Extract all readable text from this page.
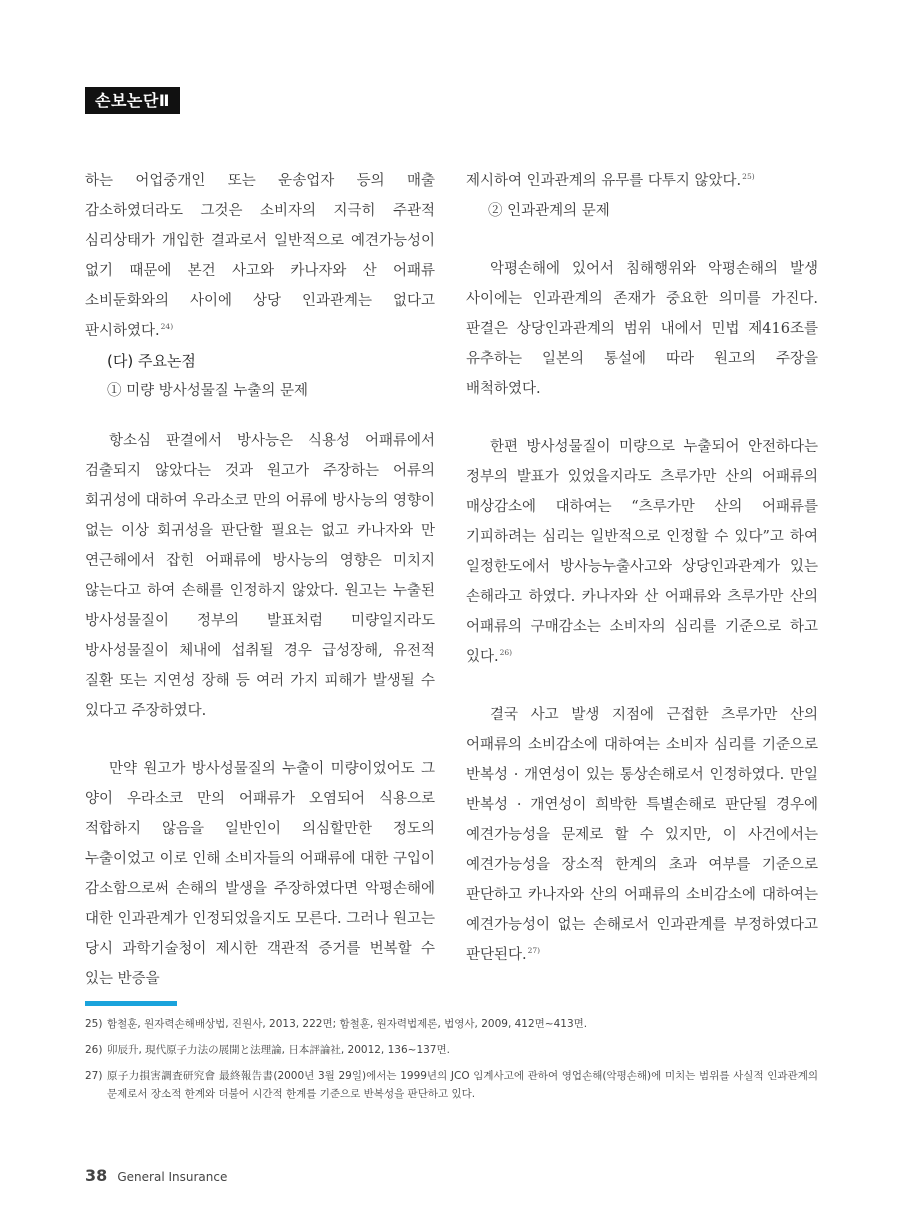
손보논단Ⅱ

하는 어업중개인 또는 운송업자 등의 매출 감소하였더라도 그것은 소비자의 지극히 주관적 심리상태가 개입한 결과로서 일반적으로 예견가능성이 없기 때문에 본건 사고와 카나자와 산 어패류 소비둔화와의 사이에 상당 인과관계는 없다고 판시하였다.$^{24)}$

(다) 주요논점

① 미량 방사성물질 누출의 문제

항소심 판결에서 방사능은 식용성 어패류에서 검출되지 않았다는 것과 원고가 주장하는 어류의 회귀성에 대하여 우라소코 만의 어류에 방사능의 영향이 없는 이상 회귀성을 판단할 필요는 없고 카나자와 만 연근해에서 잡힌 어패류에 방사능의 영향은 미치지 않는다고 하여 손해를 인정하지 않았다. 원고는 누출된 방사성물질이 정부의 발표처럼 미량일지라도 방사성물질이 체내에 섭취될 경우 급성장해, 유전적 질환 또는 지연성 장해 등 여러 가지 피해가 발생될 수 있다고 주장하였다.

만약 원고가 방사성물질의 누출이 미량이었어도 그 양이 우라소코 만의 어패류가 오염되어 식용으로 적합하지 않음을 일반인이 의심할만한 정도의 누출이었고 이로 인해 소비자들의 어패류에 대한 구입이 감소함으로써 손해의 발생을 주장하였다면 악평손해에 대한 인과관계가 인정되었을지도 모른다. 그러나 원고는 당시 과학기술청이 제시한 객관적 증거를 번복할 수 있는 반증을

제시하여 인과관계의 유무를 다투지 않았다.$^{25)}$

② 인과관계의 문제

악평손해에 있어서 침해행위와 악평손해의 발생 사이에는 인과관계의 존재가 중요한 의미를 가진다. 판결은 상당인과관계의 범위 내에서 민법 제416조를 유추하는 일본의 통설에 따라 원고의 주장을 배척하였다.

한편 방사성물질이 미량으로 누출되어 안전하다는 정부의 발표가 있었을지라도 츠루가만 산의 어패류의 매상감소에 대하여는 “츠루가만 산의 어패류를 기피하려는 심리는 일반적으로 인정할 수 있다”고 하여 일정한도에서 방사능누출사고와 상당인과관계가 있는 손해라고 하였다. 카나자와 산 어패류와 츠루가만 산의 어패류의 구매감소는 소비자의 심리를 기준으로 하고 있다.$^{26)}$

결국 사고 발생 지점에 근접한 츠루가만 산의 어패류의 소비감소에 대하여는 소비자 심리를 기준으로 반복성 · 개연성이 있는 통상손해로서 인정하였다. 만일 반복성 · 개연성이 희박한 특별손해로 판단될 경우에 예견가능성을 문제로 할 수 있지만, 이 사건에서는 예견가능성을 장소적 한계의 초과 여부를 기준으로 판단하고 카나자와 산의 어패류의 소비감소에 대하여는 예견가능성이 없는 손해로서 인과관계를 부정하였다고 판단된다.$^{27)}$

25) 함철훈, 원자력손해배상법, 진원사, 2013, 222면; 함철훈, 원자력법제론, 법영사, 2009, 412면~413면.
26) 卯辰升, 現代原子力法の展開と法理論, 日本評論社, 20012, 136~137면.
27) 原子力損害調査研究會 最終報告書(2000년 3월 29일)에서는 1999년의 JCO 임계사고에 관하여 영업손해(악평손해)에 미치는 범위를 사실적 인과관계의 문제로서 장소적 한계와 더불어 시간적 한계를 기준으로 반복성을 판단하고 있다.
38 General Insurance
